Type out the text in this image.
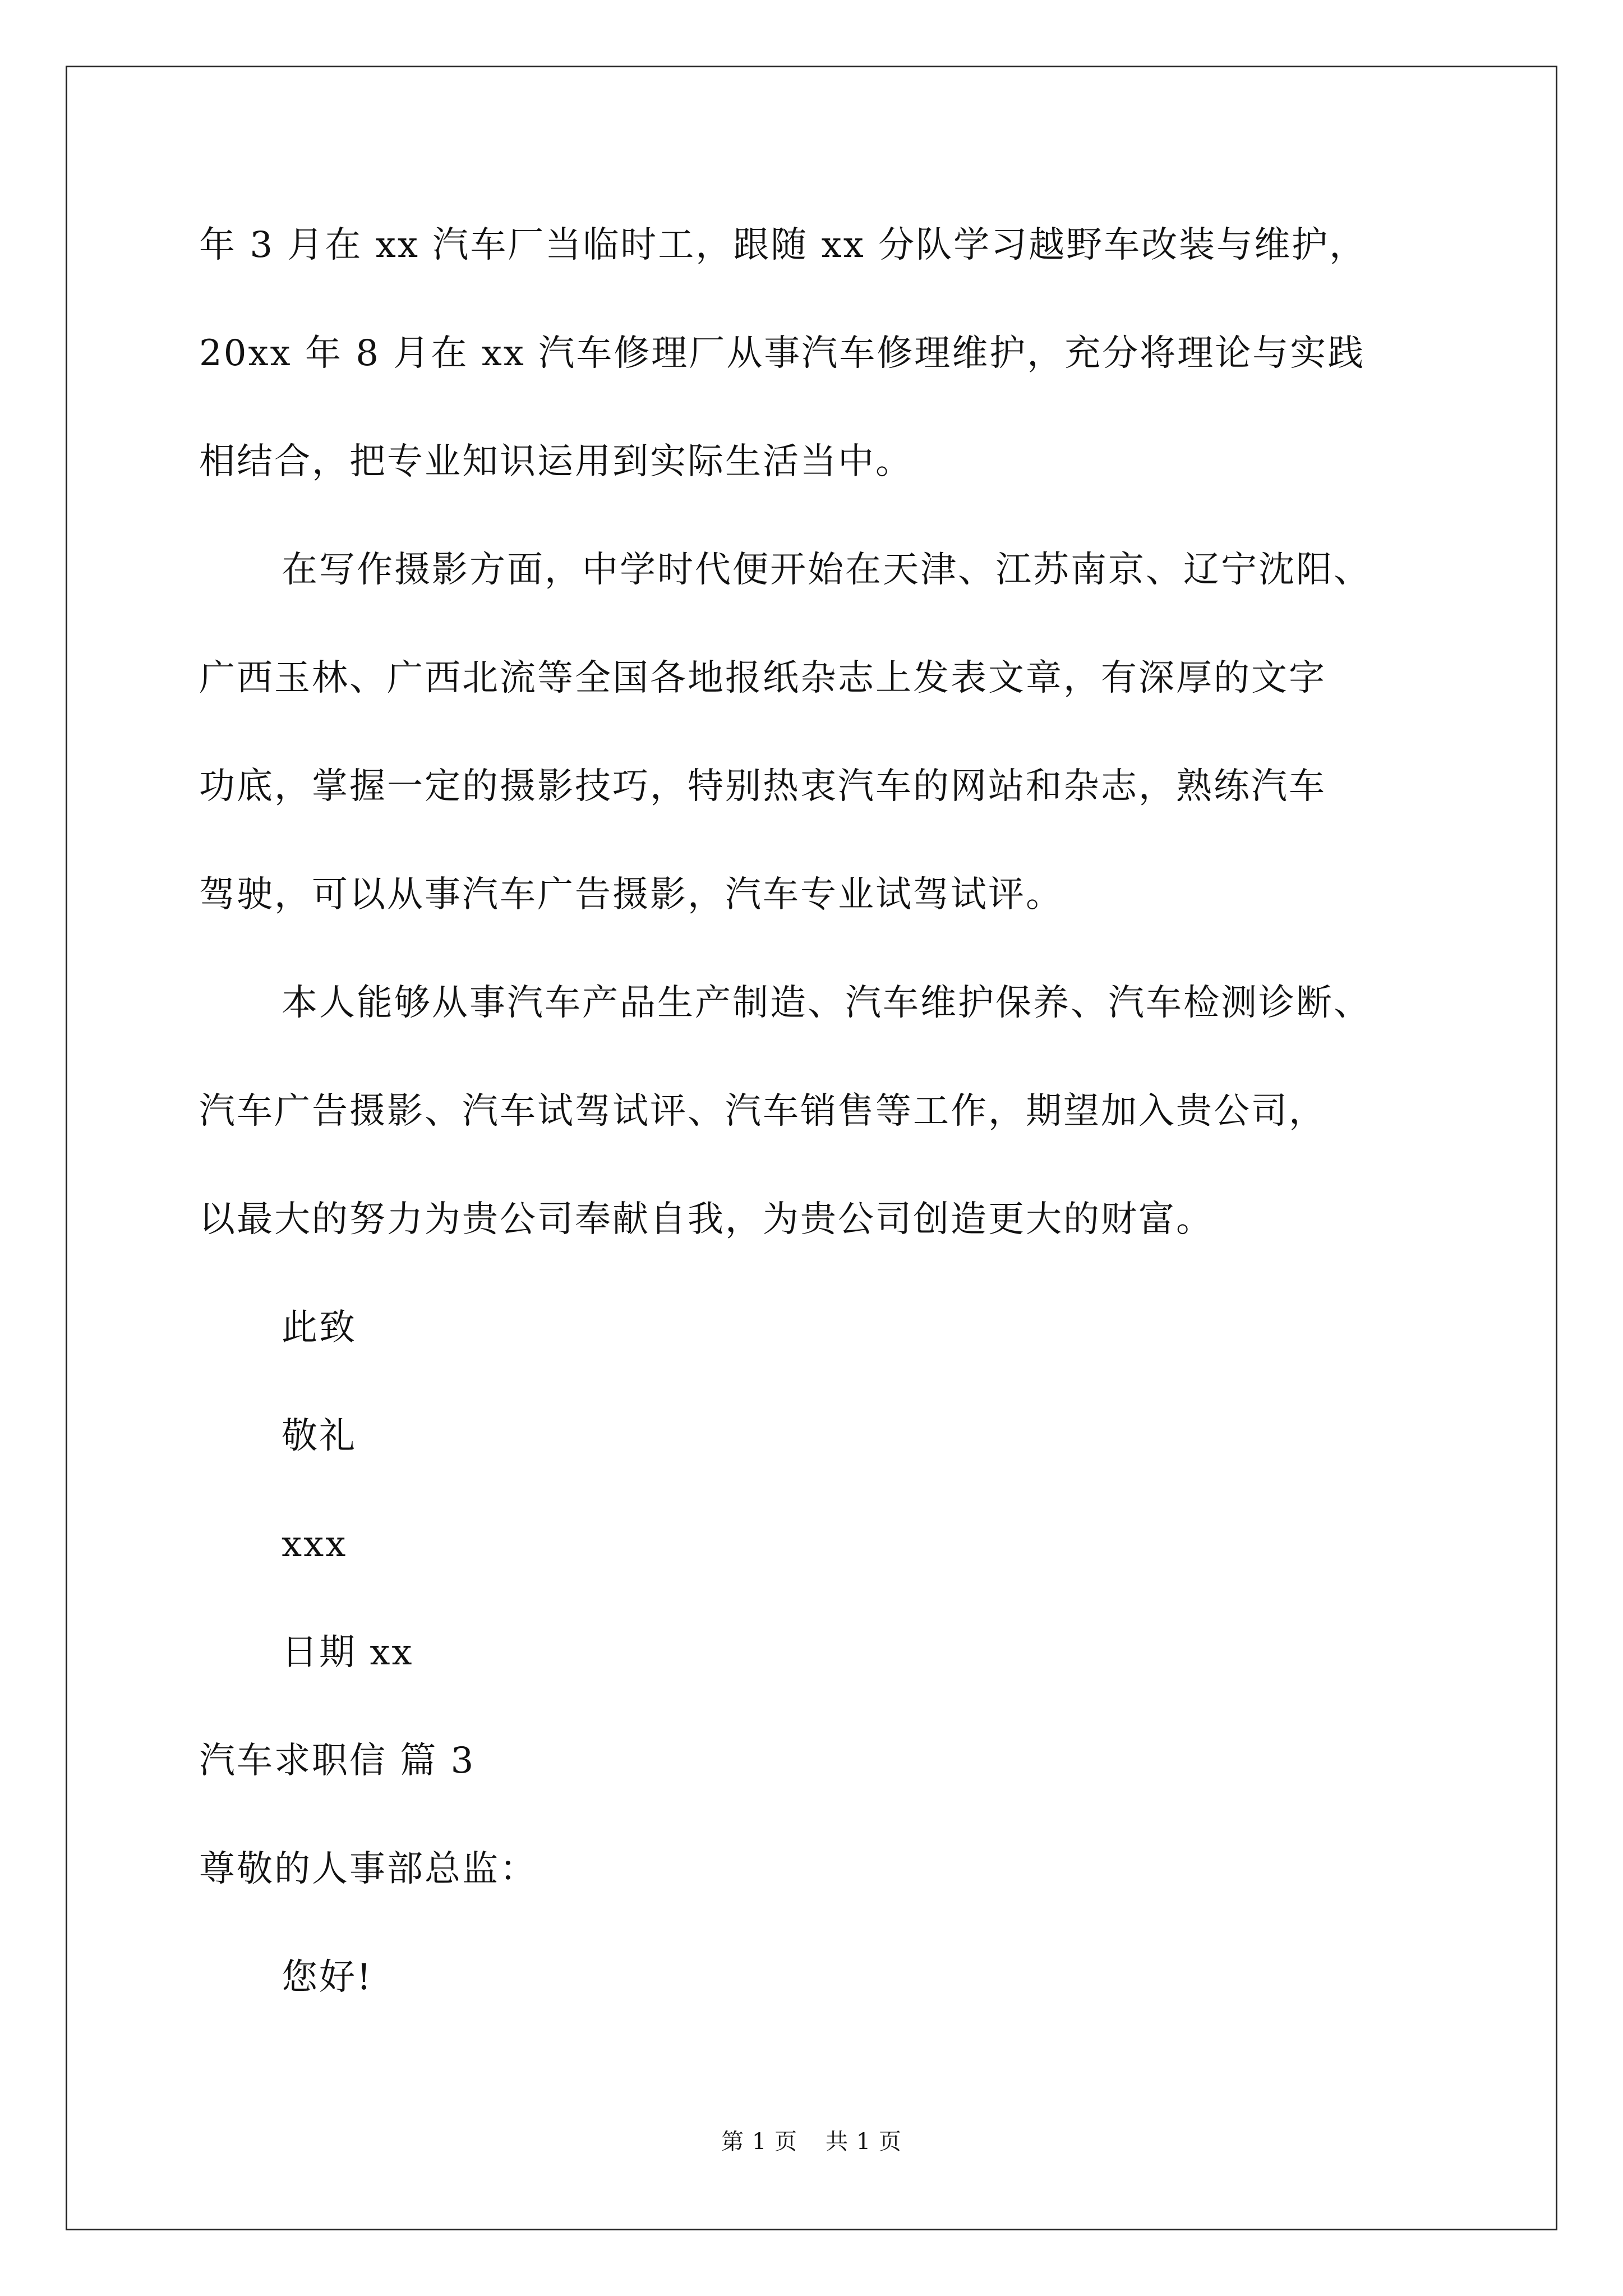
年 3 月在 xx 汽车厂当临时工，跟随 xx 分队学习越野车改装与维护，

20xx 年 8 月在 xx 汽车修理厂从事汽车修理维护，充分将理论与实践

相结合，把专业知识运用到实际生活当中。

在写作摄影方面，中学时代便开始在天津、江苏南京、辽宁沈阳、

广西玉林、广西北流等全国各地报纸杂志上发表文章，有深厚的文字

功底，掌握一定的摄影技巧，特别热衷汽车的网站和杂志，熟练汽车

驾驶，可以从事汽车广告摄影，汽车专业试驾试评。

本人能够从事汽车产品生产制造、汽车维护保养、汽车检测诊断、

汽车广告摄影、汽车试驾试评、汽车销售等工作，期望加入贵公司，

以最大的努力为贵公司奉献自我，为贵公司创造更大的财富。

此致

敬礼

xxx

日期 xx

汽车求职信 篇 3

尊敬的人事部总监：

您好!

第 1 页 共 1 页
